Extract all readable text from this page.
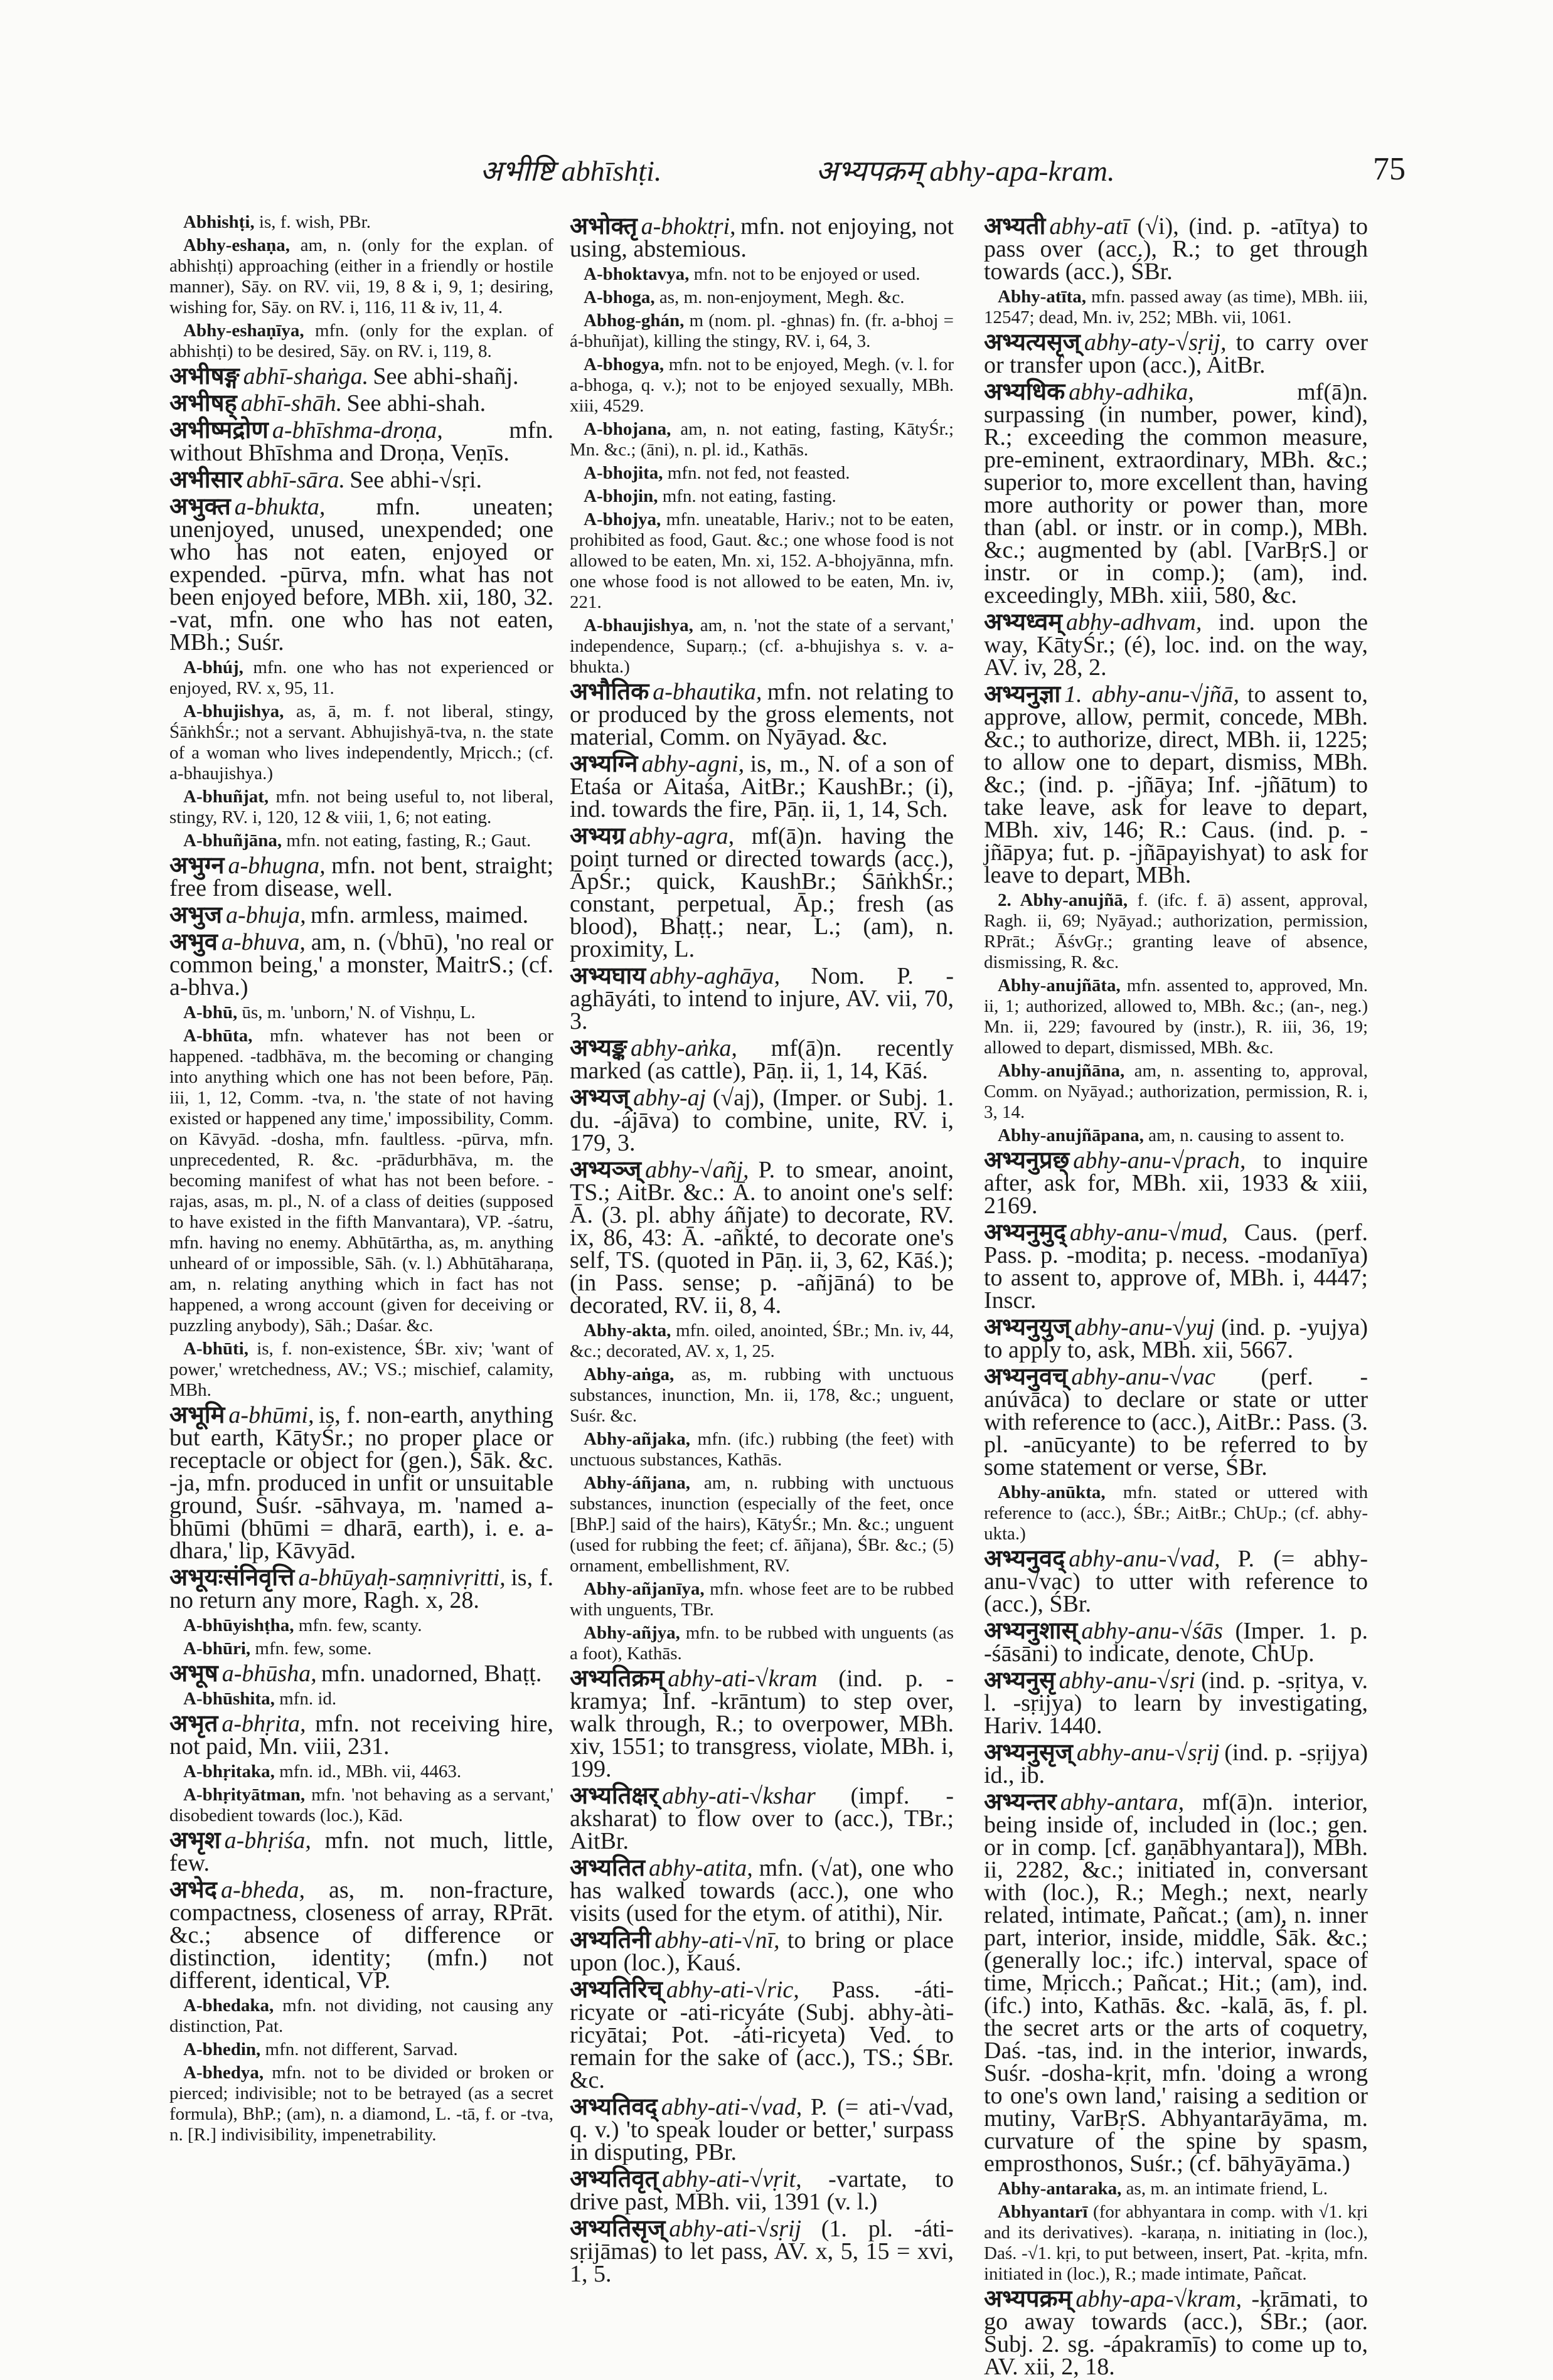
अभीष्टि abhīshṭi.	अभ्यपक्रम् abhy-apa-kram.	75

Abhishṭi, is, f. wish, PBr.

Abhy-eshaṇa, am, n. (only for the explan. of abhishṭi) approaching (either in a friendly or hostile manner), Sāy. on RV. vii, 19, 8 & i, 9, 1; desiring, wishing for, Sāy. on RV. i, 116, 11 & iv, 11, 4.

Abhy-eshaṇīya, mfn. (only for the explan. of abhishṭi) to be desired, Sāy. on RV. i, 119, 8.

अभीषङ्ग abhī-shaṅga. See abhi-shañj.

अभीषह् abhī-shāh. See abhi-shah.

अभीष्मद्रोण a-bhīshma-droṇa,	mfn. without Bhīshma and Droṇa, Veṇīs.

अभीसार abhī-sāra. See abhi-√sṛi.

अभुक्त a-bhukta, mfn. uneaten; unenjoyed, unused, unexpended; one who has not eaten, enjoyed or expended. -pūrva, mfn. what has not been enjoyed before, MBh. xii, 180, 32. -vat, mfn. one who has not eaten, MBh.; Suśr.

A-bhúj, mfn. one who has not experienced or enjoyed, RV. x, 95, 11.

A-bhujishya, as, ā, m. f. not liberal, stingy, ŚāṅkhŚr.; not a servant. Abhujishyā-tva, n. the state of a woman who lives independently, Mṛicch.; (cf. a-bhaujishya.)

A-bhuñjat, mfn. not being useful to, not liberal, stingy, RV. i, 120, 12 & viii, 1, 6; not eating.

A-bhuñjāna, mfn. not eating, fasting, R.; Gaut.

अभुग्न a-bhugna, mfn. not bent, straight; free from disease, well.

अभुज a-bhuja, mfn. armless, maimed.

अभुव a-bhuva, am, n. (√bhū), 'no real or common being,' a monster, MaitrS.; (cf. a-bhva.)

A-bhū, ūs, m. 'unborn,' N. of Vishṇu, L.

A-bhūta, mfn. whatever has not been or happened. -tadbhāva, m. the becoming or changing into anything which one has not been before, Pāṇ. iii, 1, 12, Comm. -tva, n. 'the state of not having existed or happened any time,' impossibility, Comm. on Kāvyād. -dosha, mfn. faultless. -pūrva, mfn. unprecedented, R. &c. -prādurbhāva, m. the becoming manifest of what has not been before. -rajas, asas, m. pl., N. of a class of deities (supposed to have existed in the fifth Manvantara), VP. -śatru, mfn. having no enemy. Abhūtārtha, as, m. anything unheard of or impossible, Sāh. (v. l.) Abhūtāharaṇa, am, n. relating anything which in fact has not happened, a wrong account (given for deceiving or puzzling anybody), Sāh.; Daśar. &c.

A-bhūti, is, f. non-existence, ŚBr. xiv; 'want of power,' wretchedness, AV.; VS.; mischief, calamity, MBh.

अभूमि a-bhūmi, is, f. non-earth, anything but earth, KātyŚr.; no proper place or receptacle or object for (gen.), Śāk. &c. -ja, mfn. produced in unfit or unsuitable ground, Suśr. -sāhvaya, m. 'named a-bhūmi (bhūmi = dharā, earth), i. e. a-dhara,' lip, Kāvyād.

अभूयःसंनिवृत्ति a-bhūyaḥ-saṃnivṛitti, is, f. no return any more, Ragh. x, 28.

A-bhūyishṭha, mfn. few, scanty.

A-bhūri, mfn. few, some.

अभूष a-bhūsha, mfn. unadorned, Bhaṭṭ.

A-bhūshita, mfn. id.

अभृत a-bhṛita, mfn. not receiving hire, not paid, Mn. viii, 231.

A-bhṛitaka, mfn. id., MBh. vii, 4463.

A-bhṛityātman, mfn. 'not behaving as a servant,' disobedient towards (loc.), Kād.

अभृश a-bhṛiśa, mfn. not much, little, few.

अभेद a-bheda, as, m. non-fracture, compactness, closeness of array, RPrāt. &c.; absence of difference or distinction, identity; (mfn.) not different, identical, VP.

A-bhedaka, mfn. not dividing, not causing any distinction, Pat.

A-bhedin, mfn. not different, Sarvad.

A-bhedya, mfn. not to be divided or broken or pierced; indivisible; not to be betrayed (as a secret formula), BhP.; (am), n. a diamond, L. -tā, f. or -tva, n. [R.] indivisibility, impenetrability.

अभोक्तृ a-bhoktṛi, mfn. not enjoying, not using, abstemious.

A-bhoktavya, mfn. not to be enjoyed or used.

A-bhoga, as, m. non-enjoyment, Megh. &c.

Abhog-ghán, m (nom. pl. -ghnas) fn. (fr. a-bhoj = á-bhuñjat), killing the stingy, RV. i, 64, 3.

A-bhogya, mfn. not to be enjoyed, Megh. (v. l. for a-bhoga, q. v.); not to be enjoyed sexually, MBh. xiii, 4529.

A-bhojana, am, n. not eating, fasting, KātyŚr.; Mn. &c.; (āni), n. pl. id., Kathās.

A-bhojita, mfn. not fed, not feasted.

A-bhojin, mfn. not eating, fasting.

A-bhojya, mfn. uneatable, Hariv.; not to be eaten, prohibited as food, Gaut. &c.; one whose food is not allowed to be eaten, Mn. xi, 152. A-bhojyānna, mfn. one whose food is not allowed to be eaten, Mn. iv, 221.

A-bhaujishya, am, n. 'not the state of a servant,' independence, Suparṇ.; (cf. a-bhujishya s. v. a-bhukta.)

अभौतिक a-bhautika, mfn. not relating to or produced by the gross elements, not material, Comm. on Nyāyad. &c.

अभ्यग्नि abhy-agni, is, m., N. of a son of Etaśa or Aitaśa, AitBr.; KaushBr.; (i), ind. towards the fire, Pāṇ. ii, 1, 14, Sch.

अभ्यग्र abhy-agra, mf(ā)n. having the point turned or directed towards (acc.), ĀpŚr.; quick, KaushBr.; ŚāṅkhŚr.; constant, perpetual, Āp.; fresh (as blood), Bhaṭṭ.; near, L.; (am), n. proximity, L.

अभ्यघाय abhy-aghāya, Nom. P. -aghāyáti, to intend to injure, AV. vii, 70, 3.

अभ्यङ्क abhy-aṅka, mf(ā)n. recently marked (as cattle), Pāṇ. ii, 1, 14, Kāś.

अभ्यज् abhy-aj (√aj), (Imper. or Subj. 1. du. -ájāva) to combine, unite, RV. i, 179, 3.

अभ्यञ्ज् abhy-√añj, P. to smear, anoint, TS.; AitBr. &c.: Ā. to anoint one's self: Ā. (3. pl. abhy áñjate) to decorate, RV. ix, 86, 43: Ā. -añkté, to decorate one's self, TS. (quoted in Pāṇ. ii, 3, 62, Kāś.); (in Pass. sense; p. -añjāná) to be decorated, RV. ii, 8, 4.

Abhy-akta, mfn. oiled, anointed, ŚBr.; Mn. iv, 44, &c.; decorated, AV. x, 1, 25.

Abhy-aṅga, as, m. rubbing with unctuous substances, inunction, Mn. ii, 178, &c.; unguent, Suśr. &c.

Abhy-añjaka, mfn. (ifc.) rubbing (the feet) with unctuous substances, Kathās.

Abhy-áñjana, am, n. rubbing with unctuous substances, inunction (especially of the feet, once [BhP.] said of the hairs), KātyŚr.; Mn. &c.; unguent (used for rubbing the feet; cf. āñjana), ŚBr. &c.; (5) ornament, embellishment, RV.

Abhy-añjanīya, mfn. whose feet are to be rubbed with unguents, TBr.

Abhy-añjya, mfn. to be rubbed with unguents (as a foot), Kathās.

अभ्यतिक्रम् abhy-ati-√kram (ind. p. -kramya; Inf. -krāntum) to step over, walk through, R.; to overpower, MBh. xiv, 1551; to transgress, violate, MBh. i, 199.

अभ्यतिक्षर् abhy-ati-√kshar (impf. -aksharat) to flow over to (acc.), TBr.; AitBr.

अभ्यतित abhy-atita, mfn. (√at), one who has walked towards (acc.), one who visits (used for the etym. of atithi), Nir.

अभ्यतिनी abhy-ati-√nī, to bring or place upon (loc.), Kauś.

अभ्यतिरिच् abhy-ati-√ric, Pass. -áti-ricyate or -ati-ricyáte (Subj. abhy-àti-ricyātai; Pot. -áti-ricyeta) Ved. to remain for the sake of (acc.), TS.; ŚBr. &c.

अभ्यतिवद् abhy-ati-√vad, P. (= ati-√vad, q. v.) 'to speak louder or better,' surpass in disputing, PBr.

अभ्यतिवृत् abhy-ati-√vṛit, -vartate, to drive past, MBh. vii, 1391 (v. l.)

अभ्यतिसृज् abhy-ati-√sṛij (1. pl. -áti-sṛijāmas) to let pass, AV. x, 5, 15 = xvi, 1, 5.

अभ्यती abhy-atī (√i), (ind. p. -atītya) to pass over (acc.), R.; to get through towards (acc.), ŚBr.

Abhy-atīta, mfn. passed away (as time), MBh. iii, 12547; dead, Mn. iv, 252; MBh. vii, 1061.

अभ्यत्यसृज् abhy-aty-√sṛij, to carry over or transfer upon (acc.), AitBr.

अभ्यधिक abhy-adhika,	mf(ā)n. surpassing (in number, power, kind), R.; exceeding the common measure, pre-eminent, extraordinary, MBh. &c.; superior to, more excellent than, having more authority or power than, more than (abl. or instr. or in comp.), MBh. &c.; augmented by (abl. [VarBṛS.] or instr. or in comp.); (am), ind. exceedingly, MBh. xiii, 580, &c.

अभ्यध्वम् abhy-adhvam, ind. upon the way, KātyŚr.; (é), loc. ind. on the way, AV. iv, 28, 2.

अभ्यनुज्ञा 1. abhy-anu-√jñā, to assent to, approve, allow, permit, concede, MBh. &c.; to authorize, direct, MBh. ii, 1225; to allow one to depart, dismiss, MBh. &c.; (ind. p. -jñāya; Inf. -jñātum) to take leave, ask for leave to depart, MBh. xiv, 146; R.: Caus. (ind. p. -jñāpya; fut. p. -jñāpayishyat) to ask for leave to depart, MBh.

2. Abhy-anujñā, f. (ifc. f. ā) assent, approval, Ragh. ii, 69; Nyāyad.; authorization, permission, RPrāt.; ĀśvGṛ.; granting leave of absence, dismissing, R. &c.

Abhy-anujñāta, mfn. assented to, approved, Mn. ii, 1; authorized, allowed to, MBh. &c.; (an-, neg.) Mn. ii, 229; favoured by (instr.), R. iii, 36, 19; allowed to depart, dismissed, MBh. &c.

Abhy-anujñāna, am, n. assenting to, approval, Comm. on Nyāyad.; authorization, permission, R. i, 3, 14.

Abhy-anujñāpana, am, n. causing to assent to.

अभ्यनुप्रछ् abhy-anu-√prach, to inquire after, ask for, MBh. xii, 1933 & xiii, 2169.

अभ्यनुमुद् abhy-anu-√mud, Caus. (perf. Pass. p. -modita; p. necess. -modanīya) to assent to, approve of, MBh. i, 4447; Inscr.

अभ्यनुयुज् abhy-anu-√yuj (ind. p. -yujya) to apply to, ask, MBh. xii, 5667.

अभ्यनुवच् abhy-anu-√vac (perf. -anúvāca) to declare or state or utter with reference to (acc.), AitBr.: Pass. (3. pl. -anūcyante) to be referred to by some statement or verse, ŚBr.

Abhy-anūkta, mfn. stated or uttered with reference to (acc.), ŚBr.; AitBr.; ChUp.; (cf. abhy-ukta.)

अभ्यनुवद् abhy-anu-√vad, P. (= abhy-anu-√vac) to utter with reference to (acc.), ŚBr.

अभ्यनुशास् abhy-anu-√śās (Imper. 1. p. -śāsāni) to indicate, denote, ChUp.

अभ्यनुसृ abhy-anu-√sṛi (ind. p. -sṛitya, v. l. -sṛijya) to learn by investigating, Hariv. 1440.

अभ्यनुसृज् abhy-anu-√sṛij (ind. p. -sṛijya) id., ib.

अभ्यन्तर abhy-antara, mf(ā)n. interior, being inside of, included in (loc.; gen. or in comp. [cf. gaṇābhyantara]), MBh. ii, 2282, &c.; initiated in, conversant with (loc.), R.; Megh.; next, nearly related, intimate, Pañcat.; (am), n. inner part, interior, inside, middle, Śāk. &c.; (generally loc.; ifc.) interval, space of time, Mṛicch.; Pañcat.; Hit.; (am), ind. (ifc.) into, Kathās. &c. -kalā, ās, f. pl. the secret arts or the arts of coquetry, Daś. -tas, ind. in the interior, inwards, Suśr. -dosha-kṛit, mfn. 'doing a wrong to one's own land,' raising a sedition or mutiny, VarBṛS. Abhyantarāyāma, m. curvature of the spine by spasm, emprosthonos, Suśr.; (cf. bāhyāyāma.)

Abhy-antaraka, as, m. an intimate friend, L.

Abhyantarī (for abhyantara in comp. with √1. kṛi and its derivatives). -karaṇa, n. initiating in (loc.), Daś. -√1. kṛi, to put between, insert, Pat. -kṛita, mfn. initiated in (loc.), R.; made intimate, Pañcat.

अभ्यपक्रम् abhy-apa-√kram, -krāmati, to go away towards (acc.), ŚBr.; (aor. Subj. 2. sg. -ápakramīs) to come up to, AV. xii, 2, 18.
